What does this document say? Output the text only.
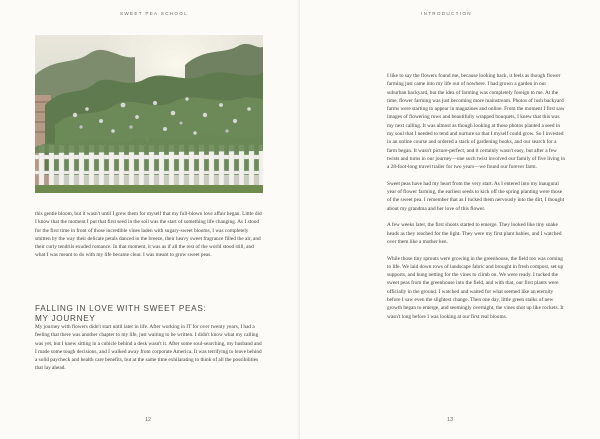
SWEET PEA SCHOOL

this gentle bloom, but it wasn't until I grew them for myself that my full-blown love affair began. Little did I know that the moment I put that first seed in the soil was the start of something life changing. As I stood for the first time in front of those incredible vines laden with sugary-sweet blooms, I was completely smitten by the way their delicate petals danced in the breeze, their heavy sweet fragrance filled the air, and their curly tendrils exuded romance. In that moment, it was as if all the rest of the world stood still, and what I was meant to do with my life became clear. I was meant to grow sweet peas.

FALLING IN LOVE WITH SWEET PEAS:
MY JOURNEY

My journey with flowers didn't start until later in life. After working in IT for over twenty years, I had a feeling that there was another chapter to my life, just waiting to be written. I didn't know what my calling was yet, but I knew sitting in a cubicle behind a desk wasn't it. After some soul-searching, my husband and I made some tough decisions, and I walked away from corporate America. It was terrifying to leave behind a solid paycheck and health care benefits, but at the same time exhilarating to think of all the possibilities that lay ahead.

12
INTRODUCTION

I like to say the flowers found me, because looking back, it feels as though flower farming just came into my life out of nowhere. I had grown a garden in our suburban backyard, but the idea of farming was completely foreign to me. At the time, flower farming was just becoming more mainstream. Photos of lush backyard farms were starting to appear in magazines and online. From the moment I first saw images of flowering rows and beautifully wrapped bouquets, I knew that this was my next calling. It was almost as though looking at those photos planted a seed in my soul that I needed to tend and nurture so that I myself could grow. So I invested in an online course and ordered a stack of gardening books, and our search for a farm began. It wasn't picture-perfect, and it certainly wasn't easy, but after a few twists and turns in our journey—one such twist involved our family of five living in a 28-foot-long travel trailer for two years—we found our forever farm.

Sweet peas have had my heart from the very start. As I entered into my inaugural year of flower farming, the earliest seeds to kick off the spring planting were those of the sweet pea. I remember that as I tucked them nervously into the dirt, I thought about my grandma and her love of this flower.

A few weeks later, the first shoots started to emerge. They looked like tiny snake heads as they reached for the light. They were my first plant babies, and I watched over them like a mother hen.

While those tiny sprouts were growing in the greenhouse, the field too was coming to life. We laid down rows of landscape fabric and brought in fresh compost, set up supports, and hung netting for the vines to climb on. We were ready. I tucked the sweet peas from the greenhouse into the field, and with that, our first plants were officially in the ground. I watched and waited for what seemed like an eternity before I saw even the slightest change. Then one day, little green stalks of new growth began to emerge, and seemingly overnight, the vines shot up like rockets. It wasn't long before I was looking at our first real blooms.

13
